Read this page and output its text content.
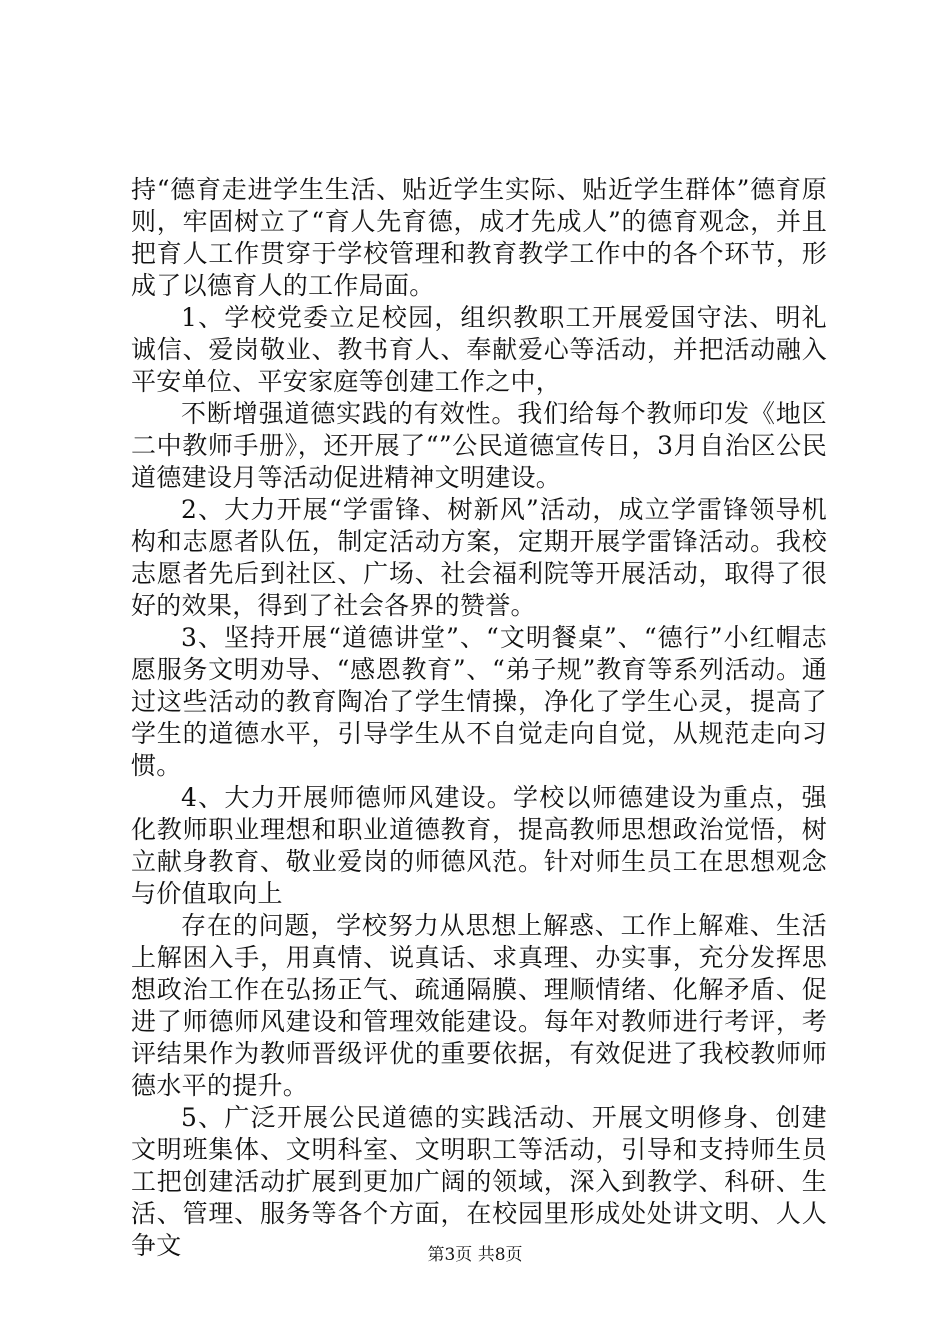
持“德育走进学生生活、贴近学生实际、贴近学生群体”德育原则，牢固树立了“育人先育德，成才先成人”的德育观念，并且把育人工作贯穿于学校管理和教育教学工作中的各个环节，形成了以德育人的工作局面。

1、学校党委立足校园，组织教职工开展爱国守法、明礼诚信、爱岗敬业、教书育人、奉献爱心等活动，并把活动融入平安单位、平安家庭等创建工作之中，

不断增强道德实践的有效性。我们给每个教师印发《地区二中教师手册》，还开展了“”公民道德宣传日，3月自治区公民道德建设月等活动促进精神文明建设。

2、大力开展“学雷锋、树新风”活动，成立学雷锋领导机构和志愿者队伍，制定活动方案，定期开展学雷锋活动。我校志愿者先后到社区、广场、社会福利院等开展活动，取得了很好的效果，得到了社会各界的赞誉。

3、坚持开展“道德讲堂”、“文明餐桌”、“德行”小红帽志愿服务文明劝导、“感恩教育”、“弟子规”教育等系列活动。通过这些活动的教育陶冶了学生情操，净化了学生心灵，提高了学生的道德水平，引导学生从不自觉走向自觉，从规范走向习惯。

4、大力开展师德师风建设。学校以师德建设为重点，强化教师职业理想和职业道德教育，提高教师思想政治觉悟，树立献身教育、敬业爱岗的师德风范。针对师生员工在思想观念与价值取向上

存在的问题，学校努力从思想上解惑、工作上解难、生活上解困入手，用真情、说真话、求真理、办实事，充分发挥思想政治工作在弘扬正气、疏通隔膜、理顺情绪、化解矛盾、促进了师德师风建设和管理效能建设。每年对教师进行考评，考评结果作为教师晋级评优的重要依据，有效促进了我校教师师德水平的提升。

5、广泛开展公民道德的实践活动、开展文明修身、创建文明班集体、文明科室、文明职工等活动，引导和支持师生员工把创建活动扩展到更加广阔的领域，深入到教学、科研、生活、管理、服务等各个方面，在校园里形成处处讲文明、人人争文	第3页 共8页
